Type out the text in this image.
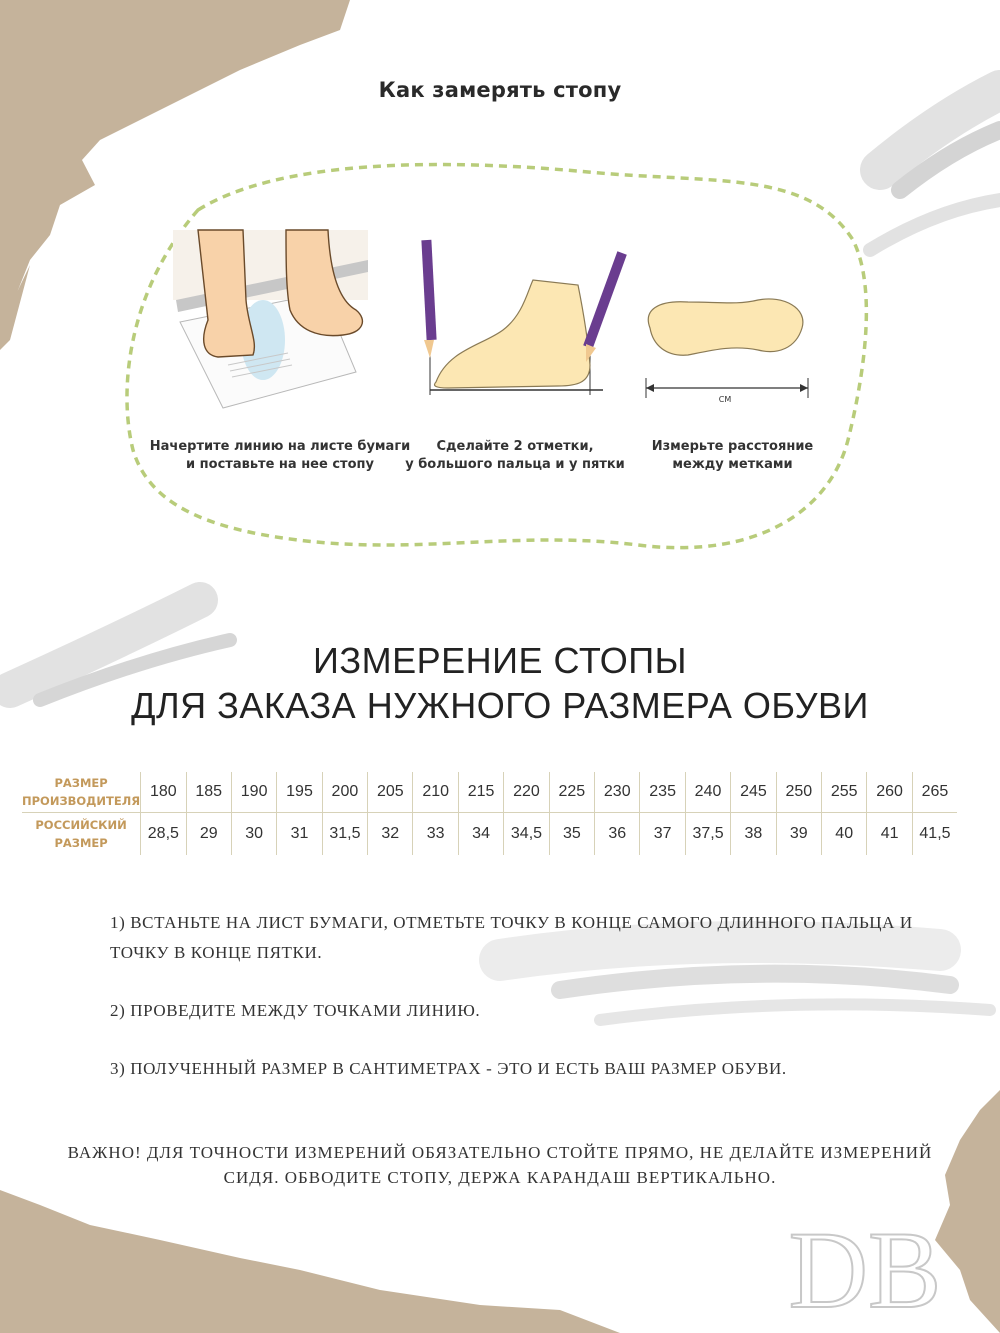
Как замерять стопу
СМ
Начертите линию на листе бумаги
и поставьте на нее стопу
Сделайте 2 отметки,
у большого пальца и у пятки
Измерьте расстояние
между метками
ИЗМЕРЕНИЕ СТОПЫ
ДЛЯ ЗАКАЗА НУЖНОГО РАЗМЕРА ОБУВИ
РАЗМЕР
ПРОИЗВОДИТЕЛЯ	180	185	190	195	200	205	210	215	220	225	230	235	240	245	250	255	260	265
РОССИЙСКИЙ
РАЗМЕР	28,5	29	30	31	31,5	32	33	34	34,5	35	36	37	37,5	38	39	40	41	41,5
1) ВСТАНЬТЕ НА ЛИСТ БУМАГИ, ОТМЕТЬТЕ ТОЧКУ В КОНЦЕ САМОГО ДЛИННОГО ПАЛЬЦА И ТОЧКУ В КОНЦЕ ПЯТКИ.
2) ПРОВЕДИТЕ МЕЖДУ ТОЧКАМИ ЛИНИЮ.
3) ПОЛУЧЕННЫЙ РАЗМЕР В САНТИМЕТРАХ - ЭТО И ЕСТЬ ВАШ РАЗМЕР ОБУВИ.
ВАЖНО! ДЛЯ ТОЧНОСТИ ИЗМЕРЕНИЙ ОБЯЗАТЕЛЬНО СТОЙТЕ ПРЯМО, НЕ ДЕЛАЙТЕ ИЗМЕРЕНИЙ СИДЯ. ОБВОДИТЕ СТОПУ, ДЕРЖА КАРАНДАШ ВЕРТИКАЛЬНО.
DB
